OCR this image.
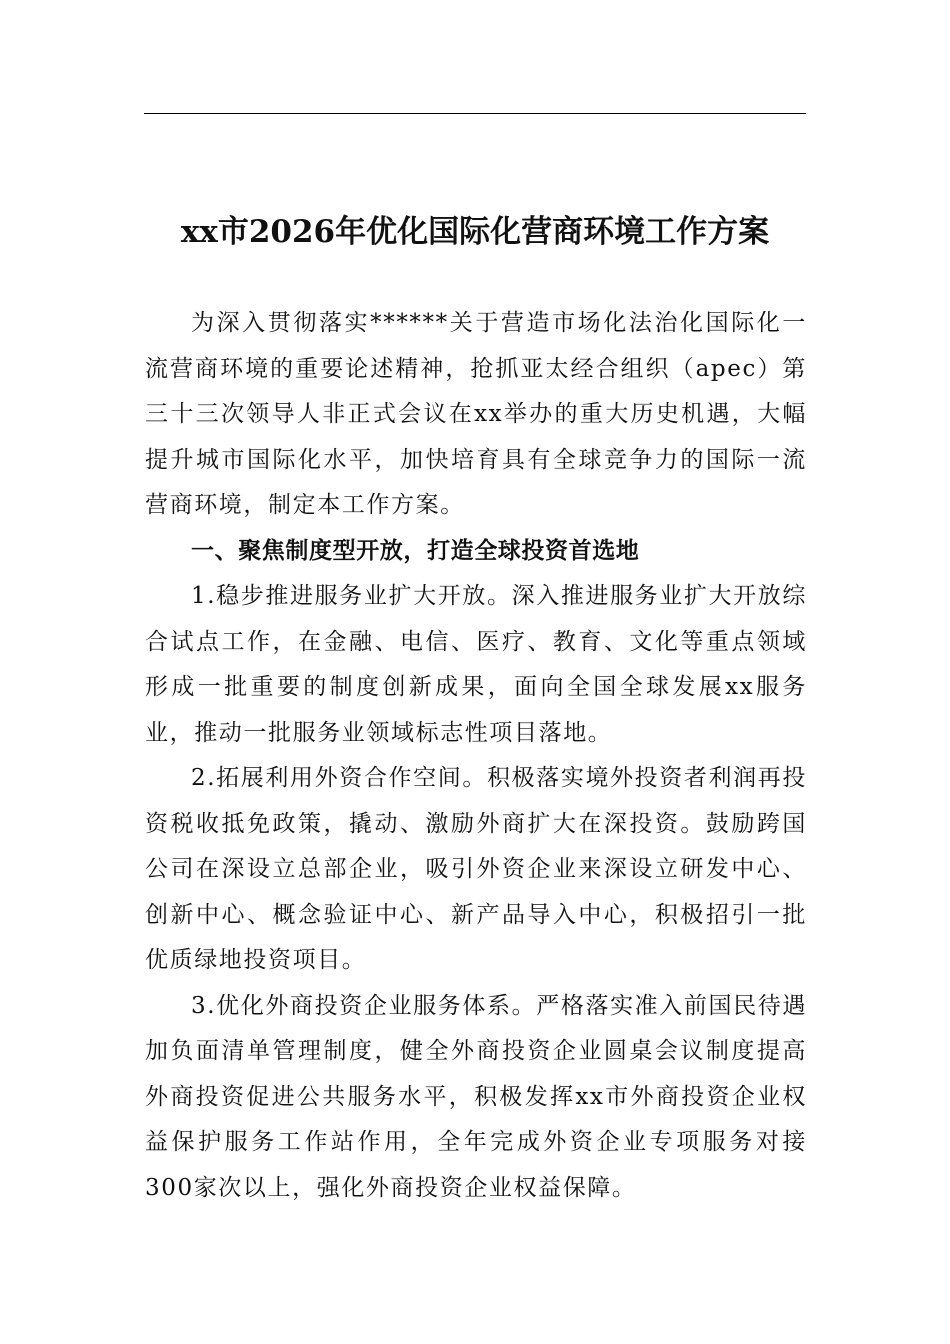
xx市2026年优化国际化营商环境工作方案

为深入贯彻落实******关于营造市场化法治化国际化一流营商环境的重要论述精神，抢抓亚太经合组织（apec）第三十三次领导人非正式会议在xx举办的重大历史机遇，大幅提升城市国际化水平，加快培育具有全球竞争力的国际一流营商环境，制定本工作方案。

一、聚焦制度型开放，打造全球投资首选地

1.稳步推进服务业扩大开放。深入推进服务业扩大开放综合试点工作，在金融、电信、医疗、教育、文化等重点领域形成一批重要的制度创新成果，面向全国全球发展xx服务业，推动一批服务业领域标志性项目落地。

2.拓展利用外资合作空间。积极落实境外投资者利润再投资税收抵免政策，撬动、激励外商扩大在深投资。鼓励跨国公司在深设立总部企业，吸引外资企业来深设立研发中心、创新中心、概念验证中心、新产品导入中心，积极招引一批优质绿地投资项目。

3.优化外商投资企业服务体系。严格落实准入前国民待遇加负面清单管理制度，健全外商投资企业圆桌会议制度提高外商投资促进公共服务水平，积极发挥xx市外商投资企业权益保护服务工作站作用，全年完成外资企业专项服务对接300家次以上，强化外商投资企业权益保障。
